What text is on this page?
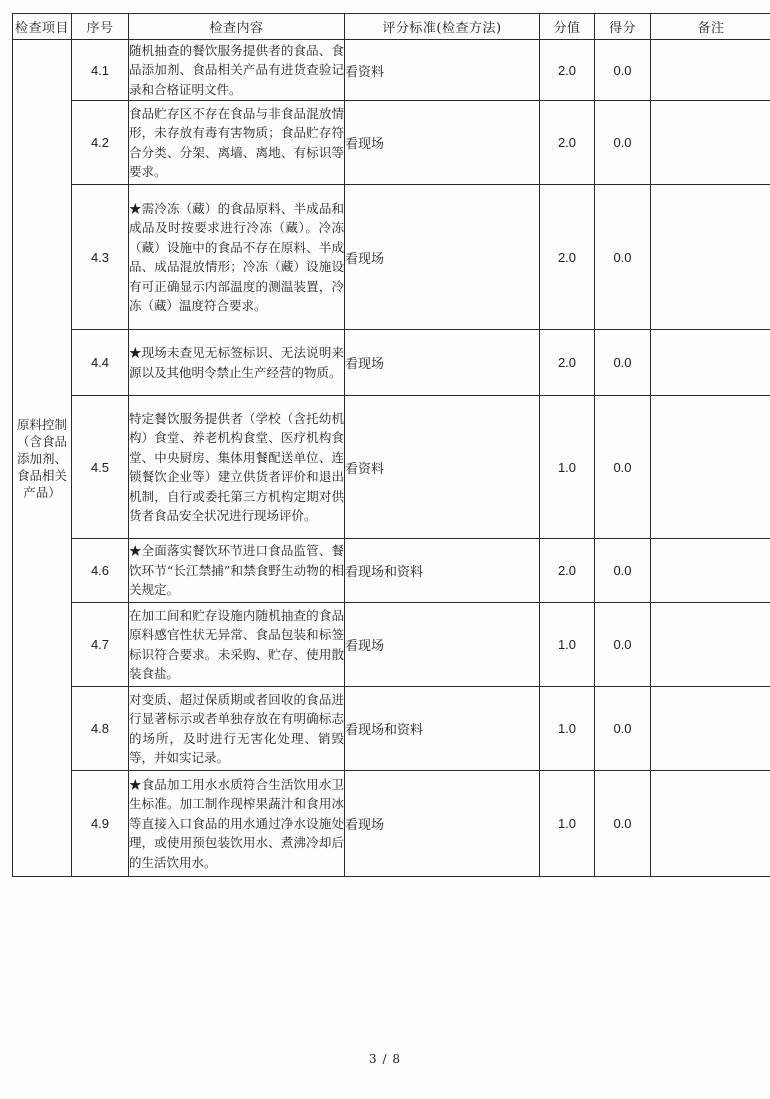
检查项目	序号	检查内容	评分标准(检查方法)	分值	得分	备注
原料控制（含食品添加剂、食品相关产品）	4.1	随机抽查的餐饮服务提供者的食品、食品添加剂、食品相关产品有进货查验记录和合格证明文件。	看资料	2.0	0.0	
	4.2	食品贮存区不存在食品与非食品混放情形，未存放有毒有害物质；食品贮存符合分类、分架、离墙、离地、有标识等要求。	看现场	2.0	0.0	
	4.3	★需冷冻（藏）的食品原料、半成品和成品及时按要求进行冷冻（藏）。冷冻（藏）设施中的食品不存在原料、半成品、成品混放情形；冷冻（藏）设施设有可正确显示内部温度的测温装置，冷冻（藏）温度符合要求。	看现场	2.0	0.0	
	4.4	★现场未查见无标签标识、无法说明来源以及其他明令禁止生产经营的物质。	看现场	2.0	0.0	
	4.5	特定餐饮服务提供者（学校（含托幼机构）食堂、养老机构食堂、医疗机构食堂、中央厨房、集体用餐配送单位、连锁餐饮企业等）建立供货者评价和退出机制，自行或委托第三方机构定期对供货者食品安全状况进行现场评价。	看资料	1.0	0.0	
	4.6	★全面落实餐饮环节进口食品监管、餐饮环节“长江禁捕”和禁食野生动物的相关规定。	看现场和资料	2.0	0.0	
	4.7	在加工间和贮存设施内随机抽查的食品原料感官性状无异常、食品包装和标签标识符合要求。未采购、贮存、使用散装食盐。	看现场	1.0	0.0	
	4.8	对变质、超过保质期或者回收的食品进行显著标示或者单独存放在有明确标志的场所，及时进行无害化处理、销毁等，并如实记录。	看现场和资料	1.0	0.0	
	4.9	★食品加工用水水质符合生活饮用水卫生标准。加工制作现榨果蔬汁和食用冰等直接入口食品的用水通过净水设施处理，或使用预包装饮用水、煮沸冷却后的生活饮用水。	看现场	1.0	0.0	
3 / 8
